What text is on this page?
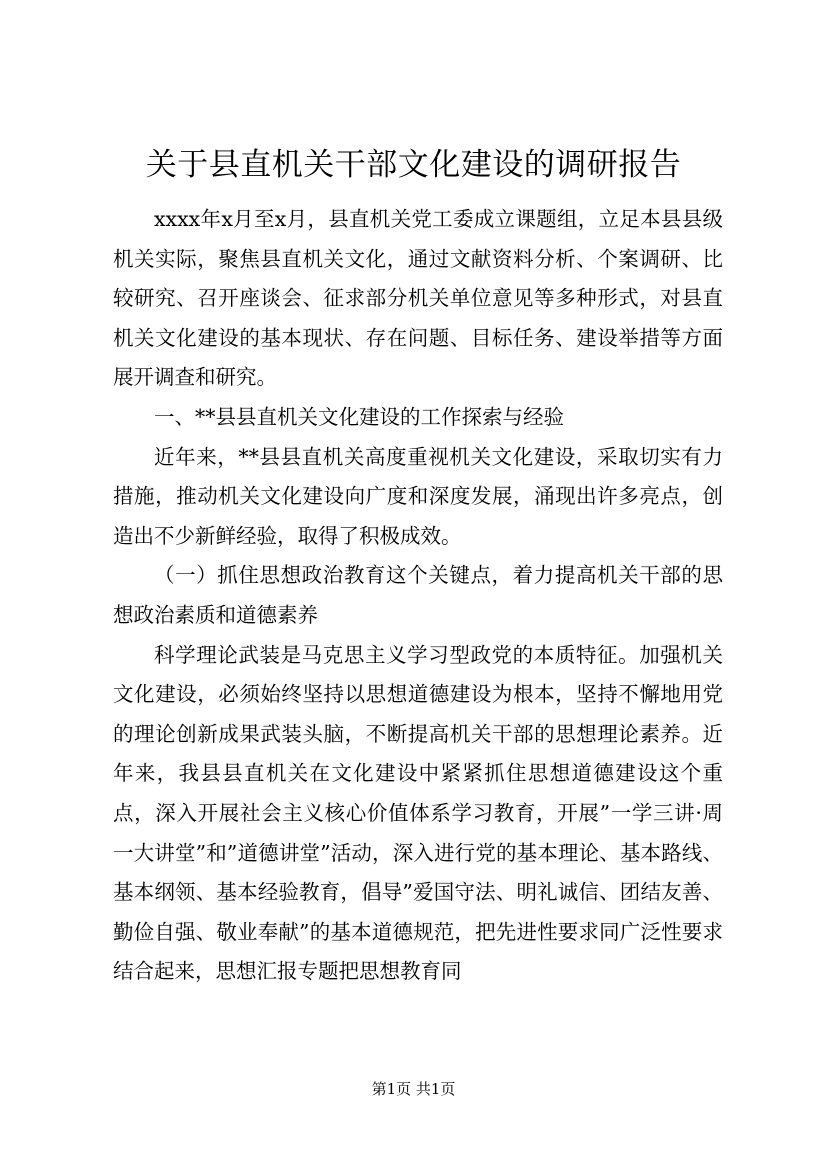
关于县直机关干部文化建设的调研报告

xxxx年x月至x月，县直机关党工委成立课题组，立足本县县级机关实际，聚焦县直机关文化，通过文献资料分析、个案调研、比较研究、召开座谈会、征求部分机关单位意见等多种形式，对县直机关文化建设的基本现状、存在问题、目标任务、建设举措等方面展开调查和研究。

一、**县县直机关文化建设的工作探索与经验

近年来，**县县直机关高度重视机关文化建设，采取切实有力措施，推动机关文化建设向广度和深度发展，涌现出许多亮点，创造出不少新鲜经验，取得了积极成效。

（一）抓住思想政治教育这个关键点，着力提高机关干部的思想政治素质和道德素养

科学理论武装是马克思主义学习型政党的本质特征。加强机关文化建设，必须始终坚持以思想道德建设为根本，坚持不懈地用党的理论创新成果武装头脑，不断提高机关干部的思想理论素养。近年来，我县县直机关在文化建设中紧紧抓住思想道德建设这个重点，深入开展社会主义核心价值体系学习教育，开展”一学三讲·周一大讲堂”和”道德讲堂”活动，深入进行党的基本理论、基本路线、基本纲领、基本经验教育，倡导”爱国守法、明礼诚信、团结友善、勤俭自强、敬业奉献”的基本道德规范，把先进性要求同广泛性要求结合起来，思想汇报专题把思想教育同

第1页 共1页
